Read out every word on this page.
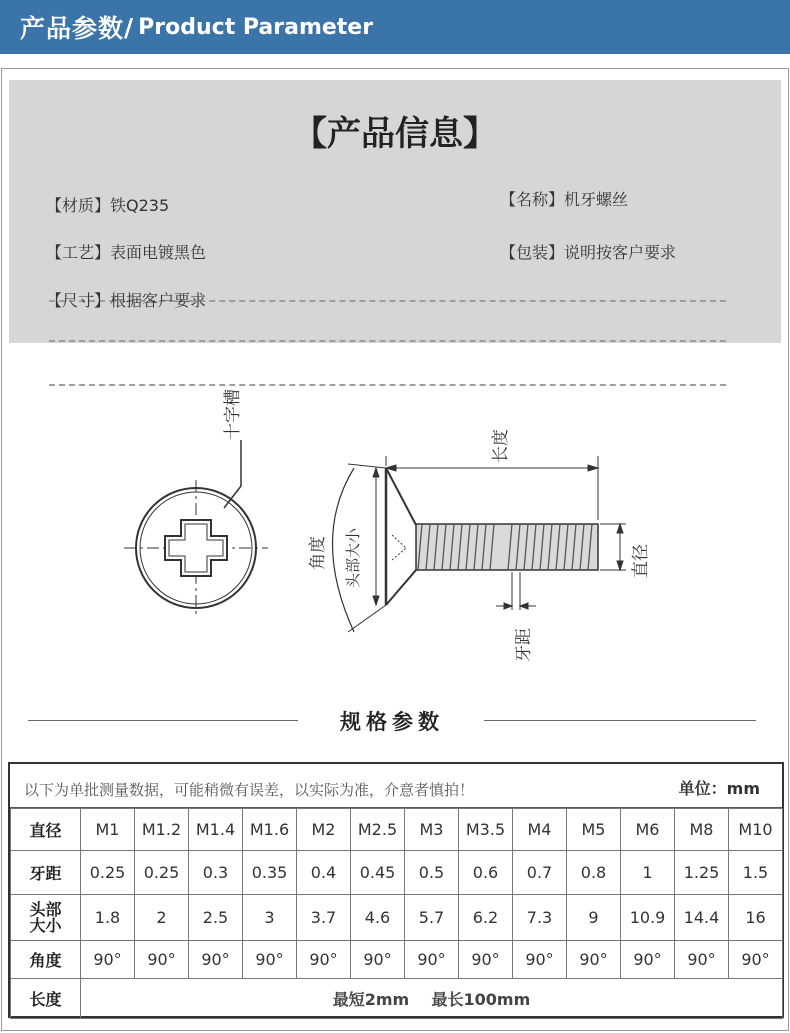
产品参数 / Product Parameter
【产品信息】
【材质】铁Q235	【名称】机牙螺丝
【工艺】表面电镀黑色	【包装】说明按客户要求
【尺寸】根据客户要求
十字槽
长度
角度 头部大小	直径
牙距
规格参数
以下为单批测量数据，可能稍微有误差，以实际为准，介意者慎拍！	单位：mm
直径	M1	M1.2	M1.4	M1.6	M2	M2.5	M3	M3.5	M4	M5	M6	M8	M10
牙距	0.25	0.25	0.3	0.35	0.4	0.45	0.5	0.6	0.7	0.8	1	1.25	1.5
头部
大小	1.8	2	2.5	3	3.7	4.6	5.7	6.2	7.3	9	10.9	14.4	16
角度	90°	90°	90°	90°	90°	90°	90°	90°	90°	90°	90°	90°	90°
长度	最短2mm    最长100mm												
